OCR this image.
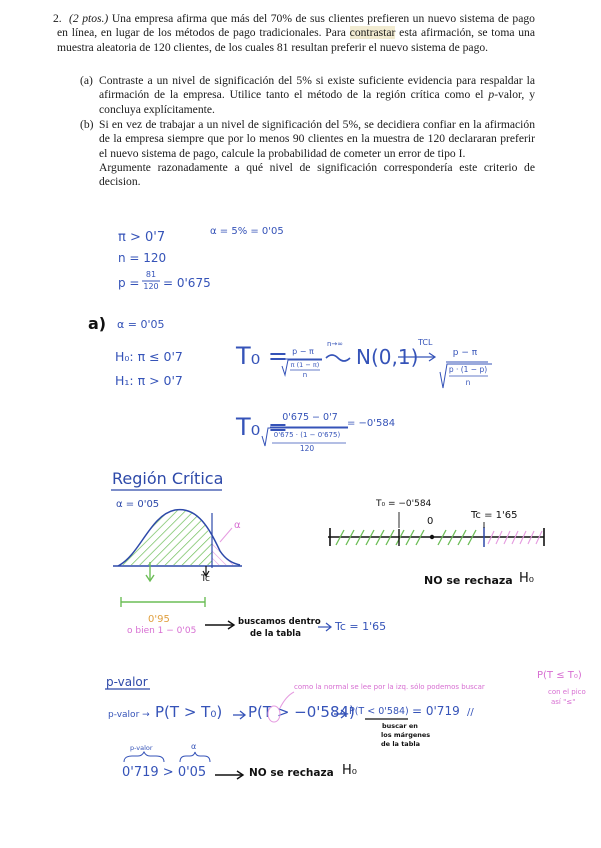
2. (2 ptos.) Una empresa afirma que más del 70% de sus clientes prefieren un nuevo sistema de pago en línea, en lugar de los métodos de pago tradicionales. Para contrastar esta afirmación, se toma una muestra aleatoria de 120 clientes, de los cuales 81 resultan preferir el nuevo sistema de pago.

(a) Contraste a un nivel de significación del 5% si existe suficiente evidencia para respaldar la afirmación de la empresa. Utilice tanto el método de la región crítica como el p-valor, y concluya explícitamente.
(b) Si en vez de trabajar a un nivel de significación del 5%, se decidiera confiar en la afirmación de la empresa siempre que por lo menos 90 clientes en la muestra de 120 declararan preferir el nuevo sistema de pago, calcule la probabilidad de cometer un error de tipo I.
Argumente razonadamente a qué nivel de significación correspondería este criterio de decision.
π > 0'7	α = 5% = 0'05
n = 120
p =
81
120 = 0'675
a) α = 0'05
H₀: π ≤ 0'7
H₁: π > 0'7
T₀ = p − π
π (1 − π)
n
n→∞
N(0,1)
TCL
p − π
p · (1 − p)
n
T₀ =
0'675 − 0'7
0'675 · (1 − 0'675)
120
= −0'584
Región Crítica
α = 0'05
α
Tc
T₀ = −0'584
0
Tc = 1'65
NO se rechaza H₀
0'95
o bien 1 − 0'05
buscamos dentro
de la tabla
Tc = 1'65
p-valor	como la normal se lee por la izq. sólo podemos buscar
P(T ≤ T₀)
con el pico
así "≤"
p-valor → P(T > T₀) P(T > −0'584)
P(T < 0'584) = 0'719 //
buscar en
los márgenes
de la tabla
p-valor	α
0'719 > 0'05	NO se rechaza H₀
